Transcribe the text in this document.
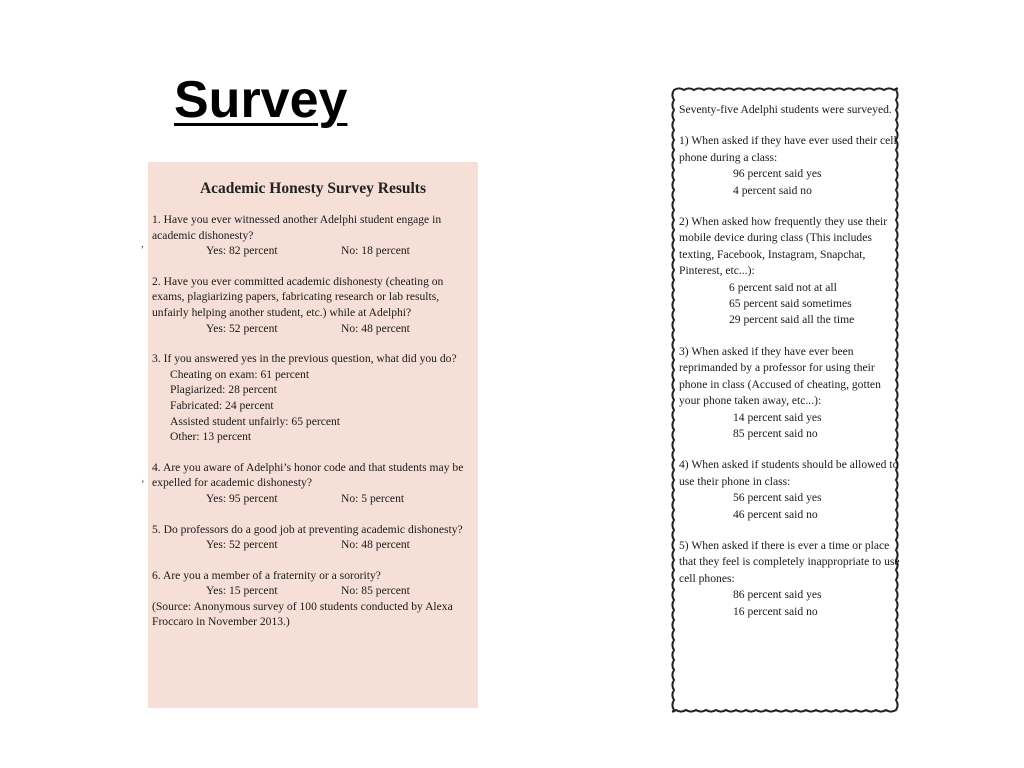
Survey
Academic Honesty Survey Results

1. Have you ever witnessed another Adelphi student engage in academic dishonesty?

Yes: 82 percent	No: 18 percent

2. Have you ever committed academic dishonesty (cheating on exams, plagiarizing papers, fabricating research or lab results, unfairly helping another student, etc.) while at Adelphi?

Yes: 52 percent	No: 48 percent

3. If you answered yes in the previous question, what did you do?

Cheating on exam: 61 percent
Plagiarized: 28 percent
Fabricated: 24 percent
Assisted student unfairly: 65 percent
Other: 13 percent

4. Are you aware of Adelphi’s honor code and that students may be expelled for academic dishonesty?

Yes: 95 percent	No: 5 percent

5. Do professors do a good job at preventing academic dishonesty?

Yes: 52 percent	No: 48 percent

6. Are you a member of a fraternity or a sorority?

Yes: 15 percent	No: 85 percent
(Source: Anonymous survey of 100 students conducted by Alexa Froccaro in November 2013.)

Seventy-five Adelphi students were surveyed.

1) When asked if they have ever used their cell phone during a class:

96 percent said yes

4 percent said no

2) When asked how frequently they use their mobile device during class (This includes texting, Facebook, Instagram, Snapchat, Pinterest, etc...):

6 percent said not at all

65 percent said sometimes

29 percent said all the time

3) When asked if they have ever been reprimanded by a professor for using their phone in class (Accused of cheating, gotten your phone taken away, etc...):

14 percent said yes

85 percent said no

4) When asked if students should be allowed to use their phone in class:

56 percent said yes

46 percent said no

5) When asked if there is ever a time or place that they feel is completely inappropriate to use cell phones:

86 percent said yes

16 percent said no

,
‘
